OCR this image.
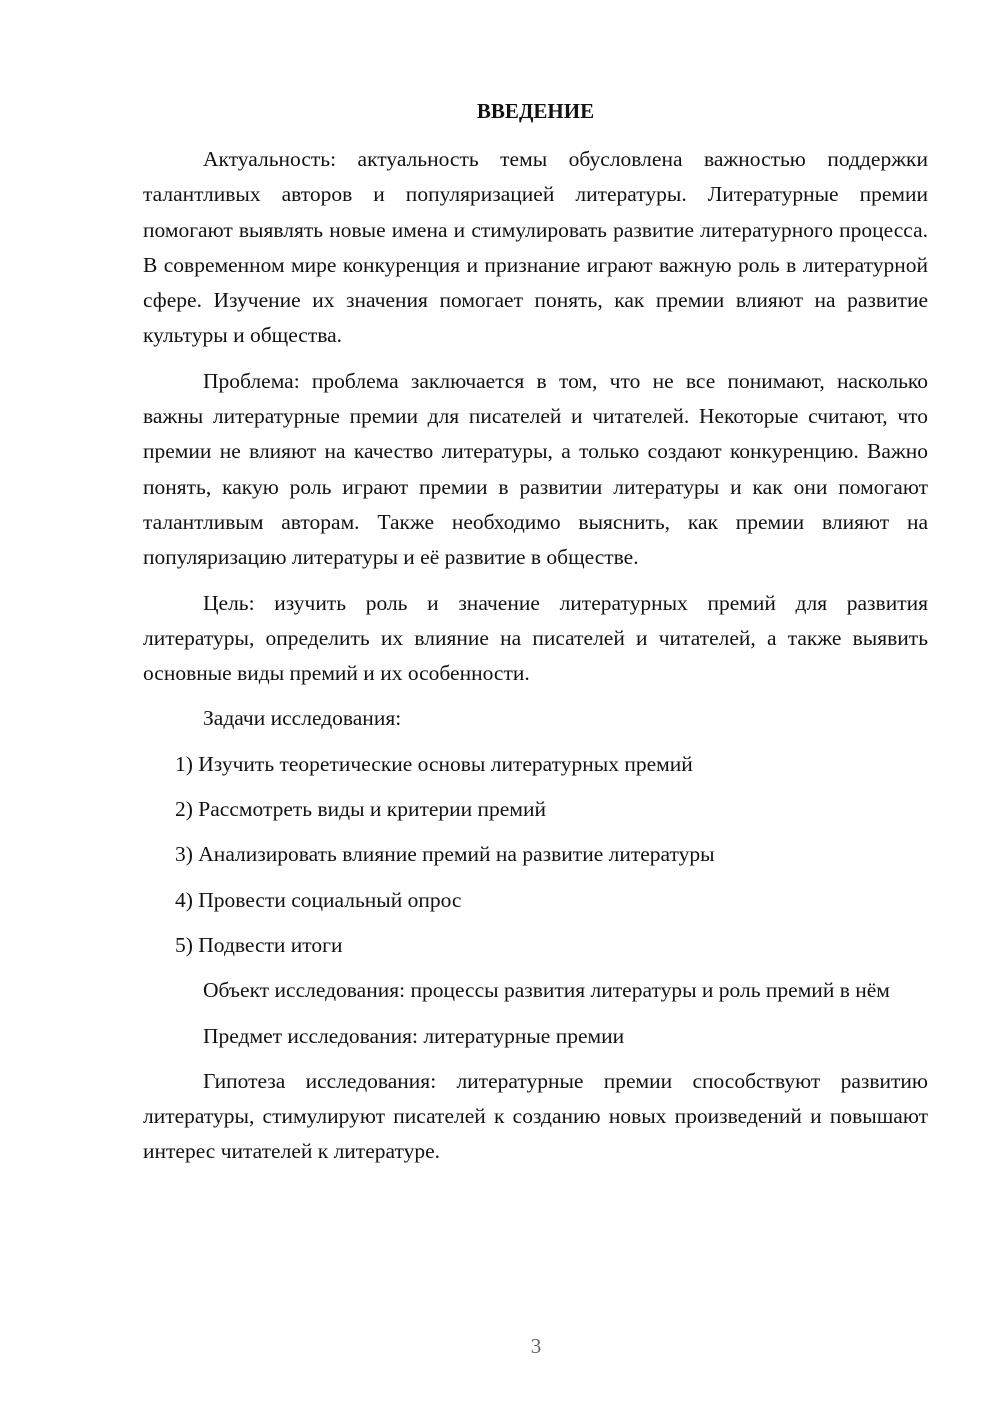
ВВЕДЕНИЕ

Актуальность: актуальность темы обусловлена важностью поддержки талантливых авторов и популяризацией литературы. Литературные премии помогают выявлять новые имена и стимулировать развитие литературного процесса. В современном мире конкуренция и признание играют важную роль в литературной сфере. Изучение их значения помогает понять, как премии влияют на развитие культуры и общества.

Проблема: проблема заключается в том, что не все понимают, насколько важны литературные премии для писателей и читателей. Некоторые считают, что премии не влияют на качество литературы, а только создают конкуренцию. Важно понять, какую роль играют премии в развитии литературы и как они помогают талантливым авторам. Также необходимо выяснить, как премии влияют на популяризацию литературы и её развитие в обществе.

Цель: изучить роль и значение литературных премий для развития литературы, определить их влияние на писателей и читателей, а также выявить основные виды премий и их особенности.

Задачи исследования:

1) Изучить теоретические основы литературных премий

2) Рассмотреть виды и критерии премий

3) Анализировать влияние премий на развитие литературы

4) Провести социальный опрос

5) Подвести итоги

Объект исследования: процессы развития литературы и роль премий в нём

Предмет исследования: литературные премии

Гипотеза исследования: литературные премии способствуют развитию литературы, стимулируют писателей к созданию новых произведений и повышают интерес читателей к литературе.

3
